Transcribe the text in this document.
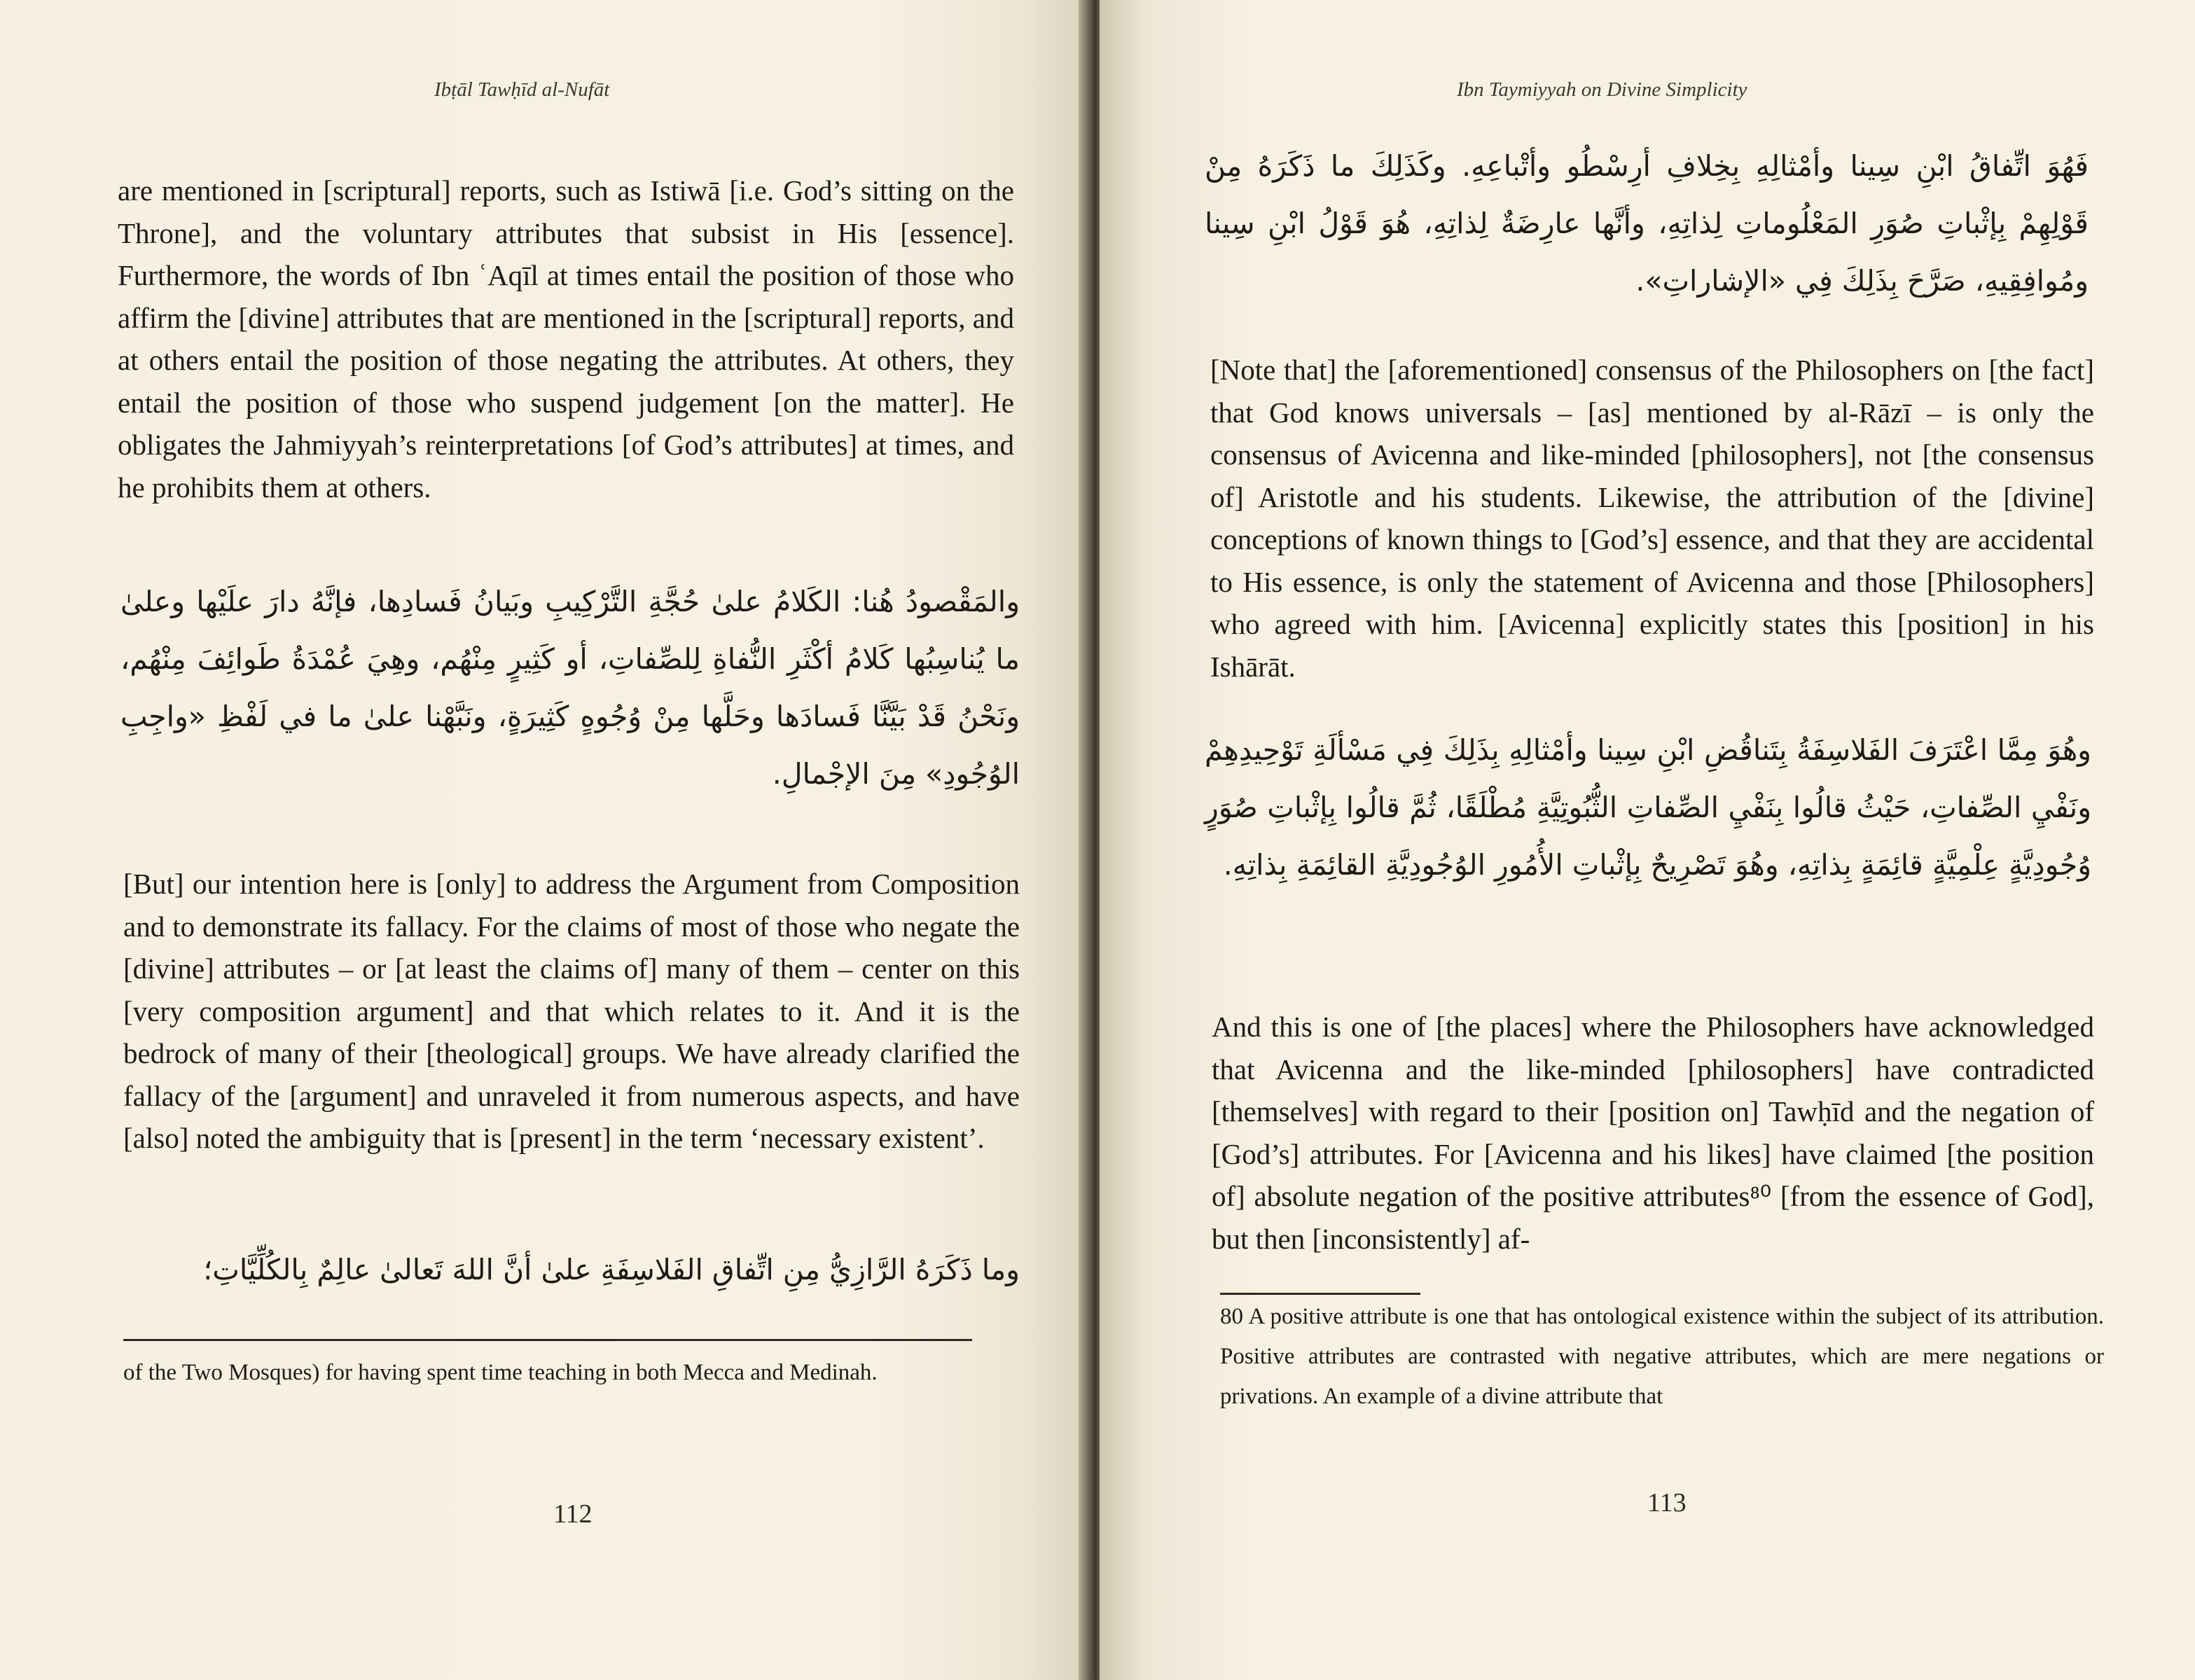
Ibṭāl Tawḥīd al-Nufāt
are mentioned in [scriptural] reports, such as Istiwā [i.e. God’s sitting on the Throne], and the voluntary attributes that subsist in His [essence]. Furthermore, the words of Ibn ʿAqīl at times entail the position of those who affirm the [divine] attributes that are mentioned in the [scriptural] reports, and at others entail the position of those negating the attributes. At others, they entail the position of those who suspend judgement [on the matter]. He obligates the Jahmiyyah’s reinterpretations [of God’s attributes] at times, and he prohibits them at others.
والمَقْصودُ هُنا: الكَلامُ علىٰ حُجَّةِ التَّرْكِيبِ وبَيانُ فَسادِها، فإنَّهُ دارَ علَيْها وعلىٰ ما يُناسِبُها كَلامُ أكْثَرِ النُّفاةِ لِلصِّفاتِ، أو كَثِيرٍ مِنْهُم، وهِيَ عُمْدَةُ طَوائِفَ مِنْهُم، ونَحْنُ قَدْ بَيَّنَّا فَسادَها وحَلَّها مِنْ وُجُوهٍ كَثِيرَةٍ، ونَبَّهْنا علىٰ ما في لَفْظِ «واجِبِ الوُجُودِ» مِنَ الإجْمالِ.
[But] our intention here is [only] to address the Argument from Composition and to demonstrate its fallacy. For the claims of most of those who negate the [divine] attributes – or [at least the claims of] many of them – center on this [very composition argument] and that which relates to it. And it is the bedrock of many of their [theological] groups. We have already clarified the fallacy of the [argument] and unraveled it from numerous aspects, and have [also] noted the ambiguity that is [present] in the term ‘necessary existent’.
وما ذَكَرَهُ الرَّازِيُّ مِنِ اتِّفاقِ الفَلاسِفَةِ علىٰ أنَّ اللهَ تَعالىٰ عالِمٌ بِالكُلِّيَّاتِ؛
of the Two Mosques) for having spent time teaching in both Mecca and Medinah.
112
Ibn Taymiyyah on Divine Simplicity
فَهُوَ اتِّفاقُ ابْنِ سِينا وأمْثالِهِ بِخِلافِ أرِسْطُو وأتْباعِهِ. وكَذَلِكَ ما ذَكَرَهُ مِنْ قَوْلِهِمْ بِإثْباتِ صُوَرِ المَعْلُوماتِ لِذاتِهِ، وأنَّها عارِضَةٌ لِذاتِهِ، هُوَ قَوْلُ ابْنِ سِينا ومُوافِقِيهِ، صَرَّحَ بِذَلِكَ فِي «الإشاراتِ».
[Note that] the [aforementioned] consensus of the Philosophers on [the fact] that God knows universals – [as] mentioned by al-Rāzī – is only the consensus of Avicenna and like-minded [philosophers], not [the consensus of] Aristotle and his students. Likewise, the attribution of the [divine] conceptions of known things to [God’s] essence, and that they are accidental to His essence, is only the statement of Avicenna and those [Philosophers] who agreed with him. [Avicenna] explicitly states this [position] in his Ishārāt.
وهُوَ مِمَّا اعْتَرَفَ الفَلاسِفَةُ بِتَناقُضِ ابْنِ سِينا وأمْثالِهِ بِذَلِكَ فِي مَسْألَةِ تَوْحِيدِهِمْ ونَفْيِ الصِّفاتِ، حَيْثُ قالُوا بِنَفْيِ الصِّفاتِ الثُّبُوتِيَّةِ مُطْلَقًا، ثُمَّ قالُوا بِإثْباتِ صُوَرٍ وُجُودِيَّةٍ عِلْمِيَّةٍ قائِمَةٍ بِذاتِهِ، وهُوَ تَصْرِيحٌ بِإثْباتِ الأُمُورِ الوُجُودِيَّةِ القائِمَةِ بِذاتِهِ.
And this is one of [the places] where the Philosophers have acknowledged that Avicenna and the like-minded [philosophers] have contradicted [themselves] with regard to their [position on] Tawḥīd and the negation of [God’s] attributes. For [Avicenna and his likes] have claimed [the position of] absolute negation of the positive attributes⁸⁰ [from the essence of God], but then [inconsistently] af-
80 A positive attribute is one that has ontological existence within the subject of its attribution. Positive attributes are contrasted with negative attributes, which are mere negations or privations. An example of a divine attribute that
113
